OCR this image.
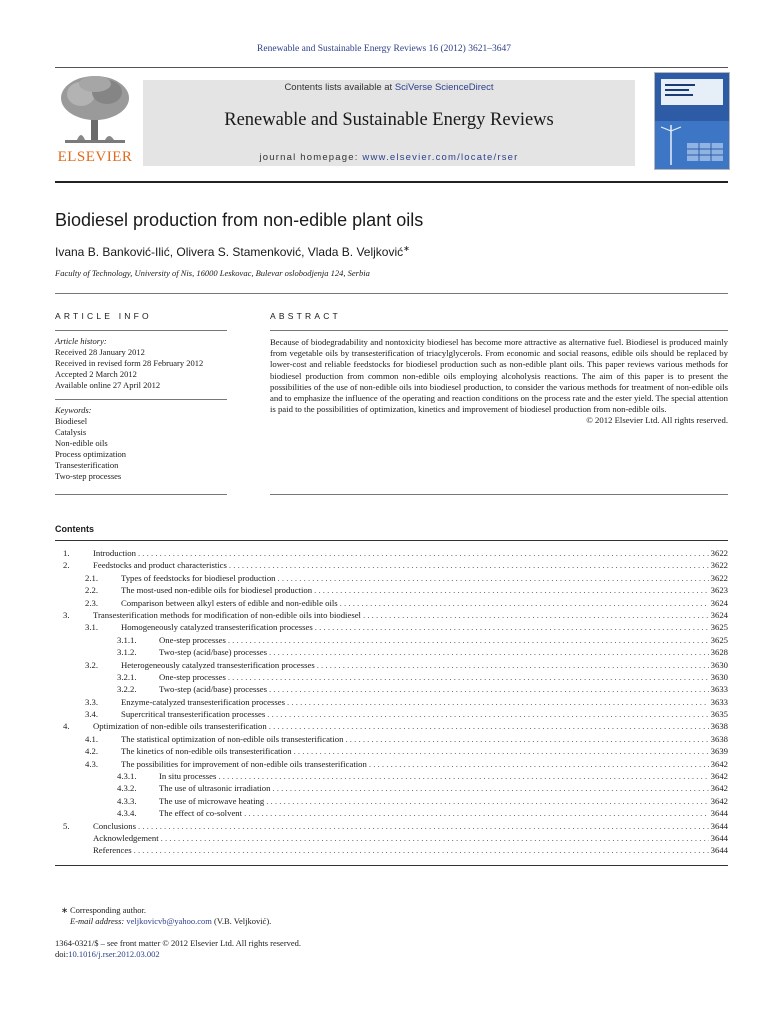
Renewable and Sustainable Energy Reviews 16 (2012) 3621–3647
ELSEVIER
Contents lists available at SciVerse ScienceDirect
Renewable and Sustainable Energy Reviews
journal homepage: www.elsevier.com/locate/rser
Biodiesel production from non-edible plant oils
Ivana B. Banković-Ilić, Olivera S. Stamenković, Vlada B. Veljković∗
Faculty of Technology, University of Nis, 16000 Leskovac, Bulevar oslobodjenja 124, Serbia
ARTICLE INFO
Article history:
Received 28 January 2012
Received in revised form 28 February 2012
Accepted 2 March 2012
Available online 27 April 2012
Keywords:
Biodiesel
Catalysis
Non-edible oils
Process optimization
Transesterification
Two-step processes
ABSTRACT
Because of biodegradability and nontoxicity biodiesel has become more attractive as alternative fuel. Biodiesel is produced mainly from vegetable oils by transesterification of triacylglycerols. From economic and social reasons, edible oils should be replaced by lower-cost and reliable feedstocks for biodiesel production such as non-edible plant oils. This paper reviews various methods for biodiesel production from common non-edible oils employing alcoholysis reactions. The aim of this paper is to present the possibilities of the use of non-edible oils into biodiesel production, to consider the various methods for treatment of non-edible oils and to emphasize the influence of the operating and reaction conditions on the process rate and the ester yield. The special attention is paid to the possibilities of optimization, kinetics and improvement of biodiesel production from non-edible oils.
© 2012 Elsevier Ltd. All rights reserved.
Contents
1.	Introduction . . .	3622
2.	Feedstocks and product characteristics . . .	3622
2.1.	Types of feedstocks for biodiesel production . . .	3622
2.2.	The most-used non-edible oils for biodiesel production . . .	3623
2.3.	Comparison between alkyl esters of edible and non-edible oils . . .	3624
3.	Transesterification methods for modification of non-edible oils into biodiesel . . .	3624
3.1.	Homogeneously catalyzed transesterification processes . . .	3625
3.1.1.	One-step processes . . .	3625
3.1.2.	Two-step (acid/base) processes . . .	3628
3.2.	Heterogeneously catalyzed transesterification processes . . .	3630
3.2.1.	One-step processes . . .	3630
3.2.2.	Two-step (acid/base) processes . . .	3633
3.3.	Enzyme-catalyzed transesterification processes . . .	3633
3.4.	Supercritical transesterification processes . . .	3635
4.	Optimization of non-edible oils transesterification . . .	3638
4.1.	The statistical optimization of non-edible oils transesterification . . .	3638
4.2.	The kinetics of non-edible oils transesterification . . .	3639
4.3.	The possibilities for improvement of non-edible oils transesterification . . .	3642
4.3.1.	In situ processes . . .	3642
4.3.2.	The use of ultrasonic irradiation . . .	3642
4.3.3.	The use of microwave heating . . .	3642
4.3.4.	The effect of co-solvent . . .	3644
5.	Conclusions . . .	3644
Acknowledgement . . .	3644
References . . .	3644
∗ Corresponding author.
E-mail address: veljkovicvb@yahoo.com (V.B. Veljković).
1364-0321/$ – see front matter © 2012 Elsevier Ltd. All rights reserved.
doi:10.1016/j.rser.2012.03.002
